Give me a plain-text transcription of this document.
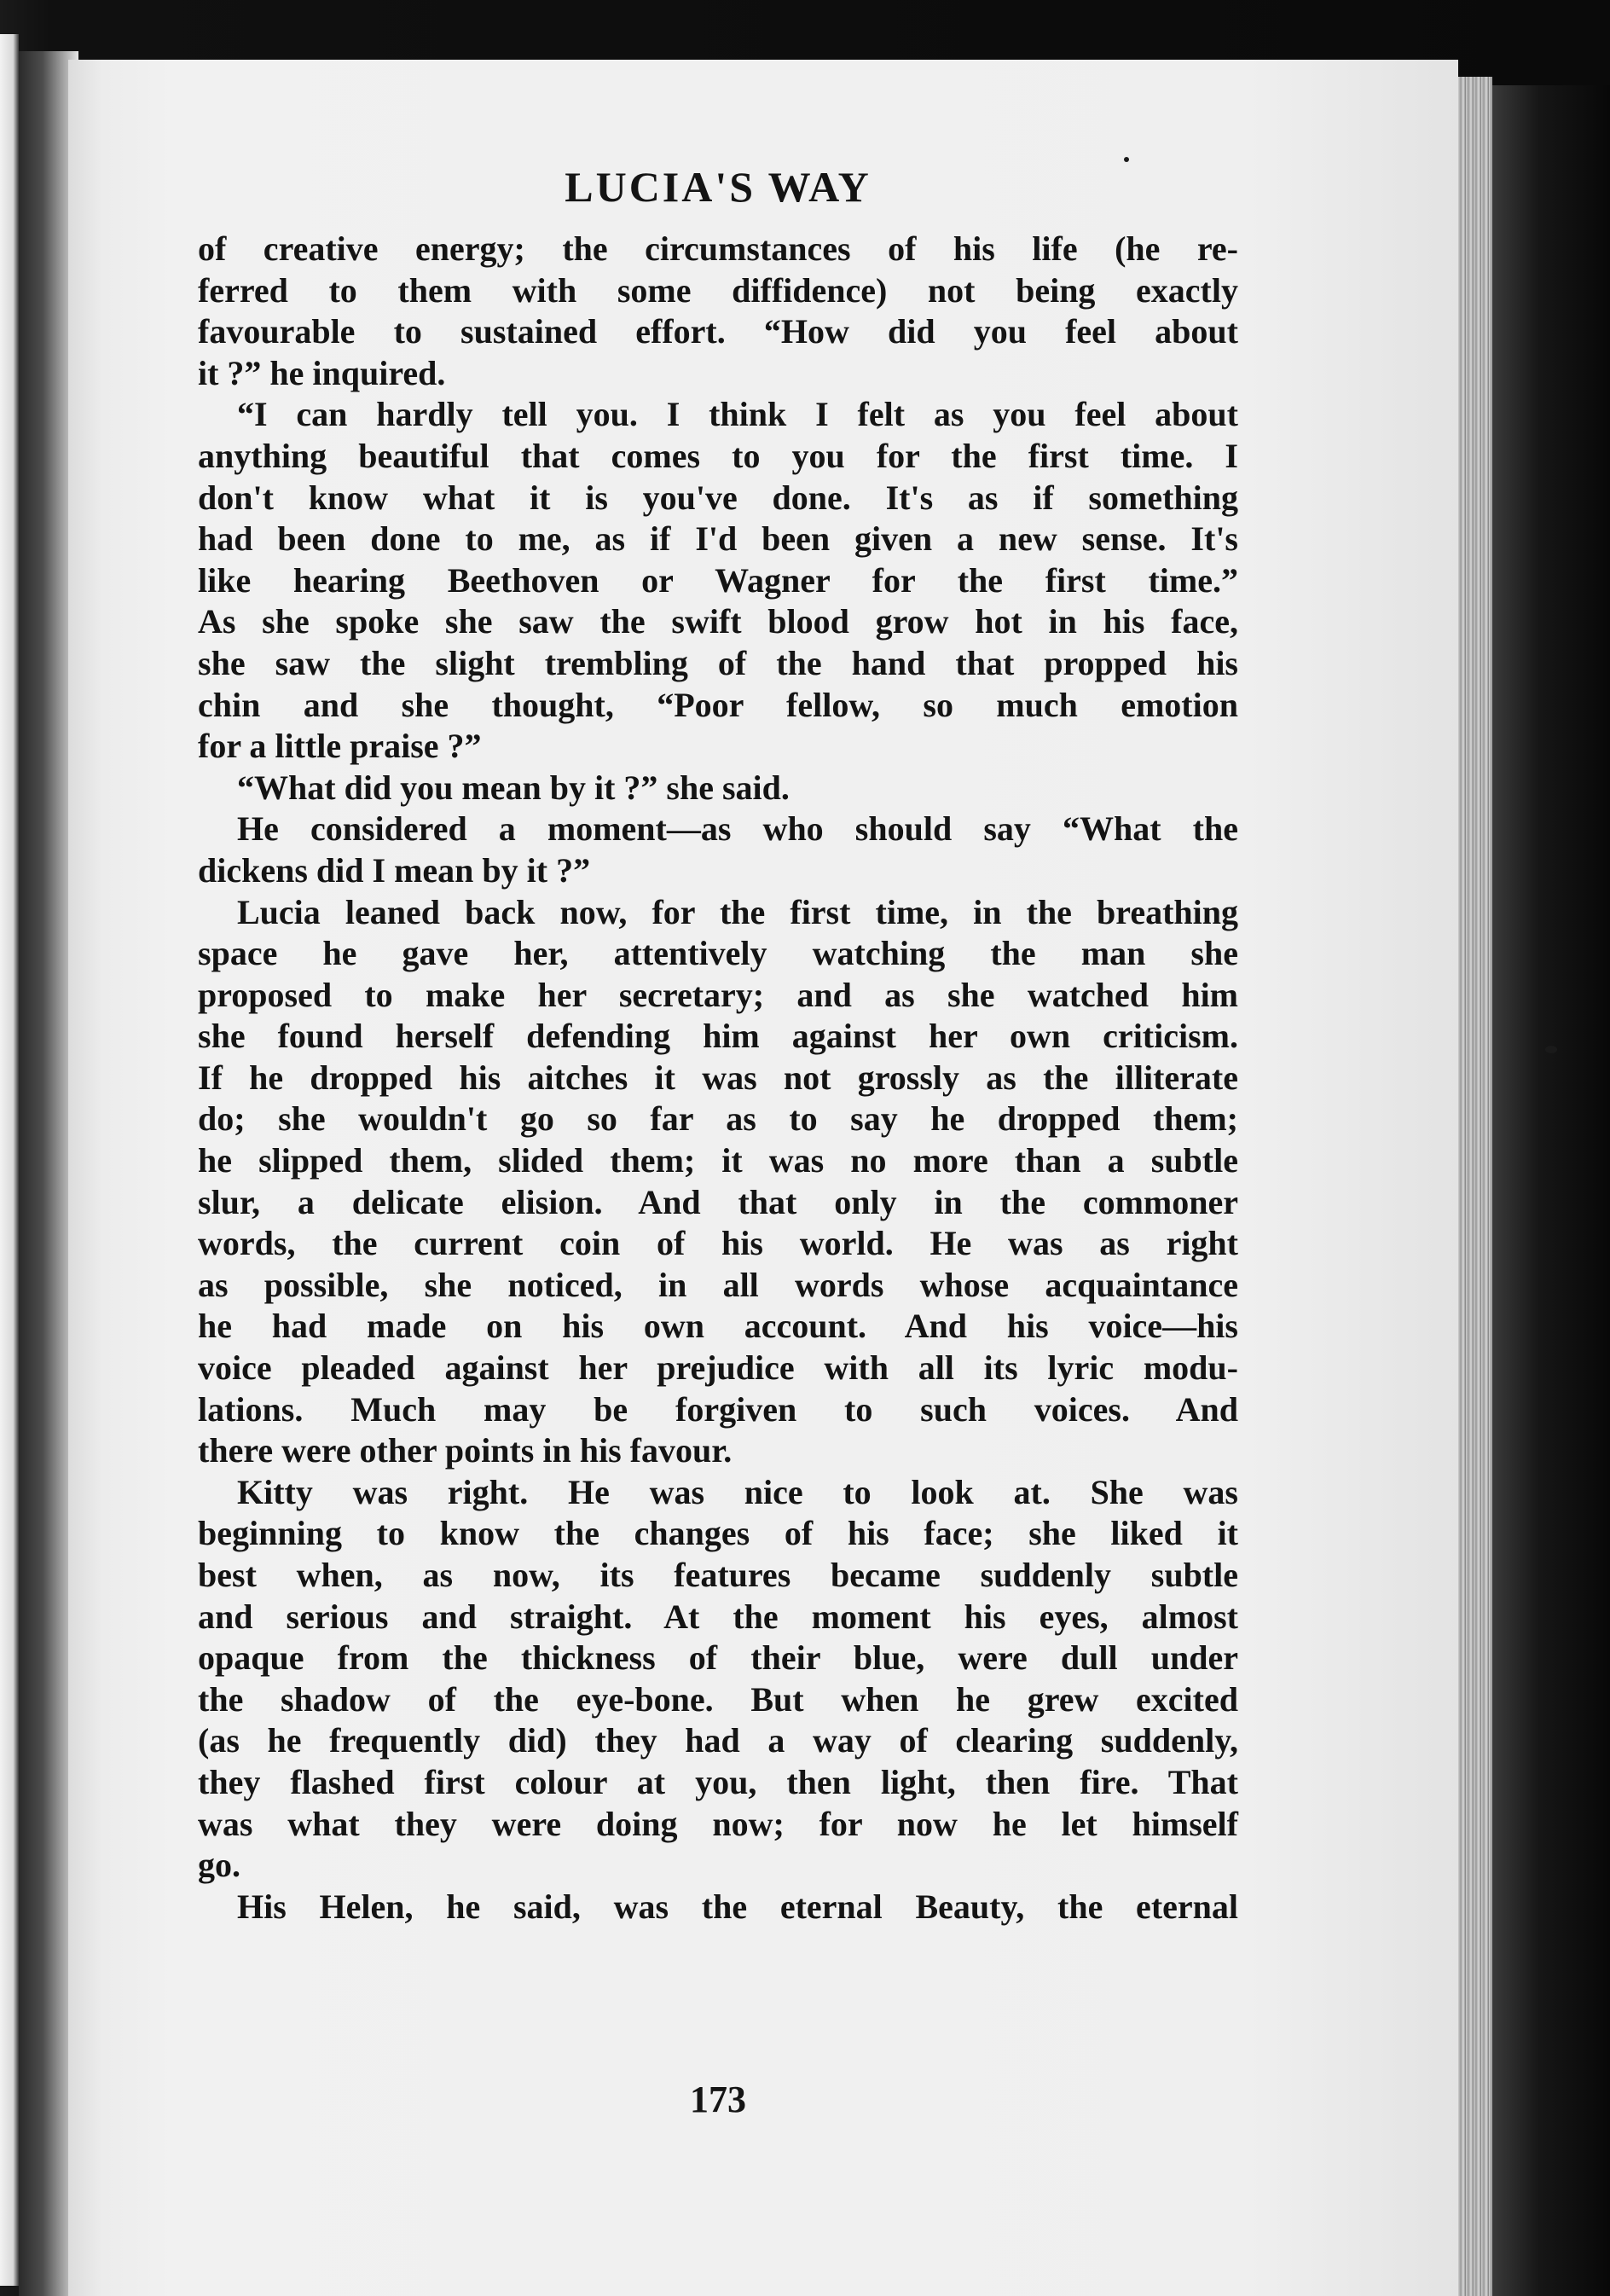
LUCIA'S WAY
of creative energy; the circumstances of his life (he re-
ferred to them with some diffidence) not being exactly
favourable to sustained effort. “How did you feel about
it ?” he inquired.
“I can hardly tell you. I think I felt as you feel about
anything beautiful that comes to you for the first time. I
don't know what it is you've done. It's as if something
had been done to me, as if I'd been given a new sense. It's
like hearing Beethoven or Wagner for the first time.”
As she spoke she saw the swift blood grow hot in his face,
she saw the slight trembling of the hand that propped his
chin and she thought, “Poor fellow, so much emotion
for a little praise ?”
“What did you mean by it ?” she said.
He considered a moment—as who should say “What the
dickens did I mean by it ?”
Lucia leaned back now, for the first time, in the breathing
space he gave her, attentively watching the man she
proposed to make her secretary; and as she watched him
she found herself defending him against her own criticism.
If he dropped his aitches it was not grossly as the illiterate
do; she wouldn't go so far as to say he dropped them;
he slipped them, slided them; it was no more than a subtle
slur, a delicate elision. And that only in the commoner
words, the current coin of his world. He was as right
as possible, she noticed, in all words whose acquaintance
he had made on his own account. And his voice—his
voice pleaded against her prejudice with all its lyric modu-
lations. Much may be forgiven to such voices. And
there were other points in his favour.
Kitty was right. He was nice to look at. She was
beginning to know the changes of his face; she liked it
best when, as now, its features became suddenly subtle
and serious and straight. At the moment his eyes, almost
opaque from the thickness of their blue, were dull under
the shadow of the eye-bone. But when he grew excited
(as he frequently did) they had a way of clearing suddenly,
they flashed first colour at you, then light, then fire. That
was what they were doing now; for now he let himself
go.
His Helen, he said, was the eternal Beauty, the eternal
173
